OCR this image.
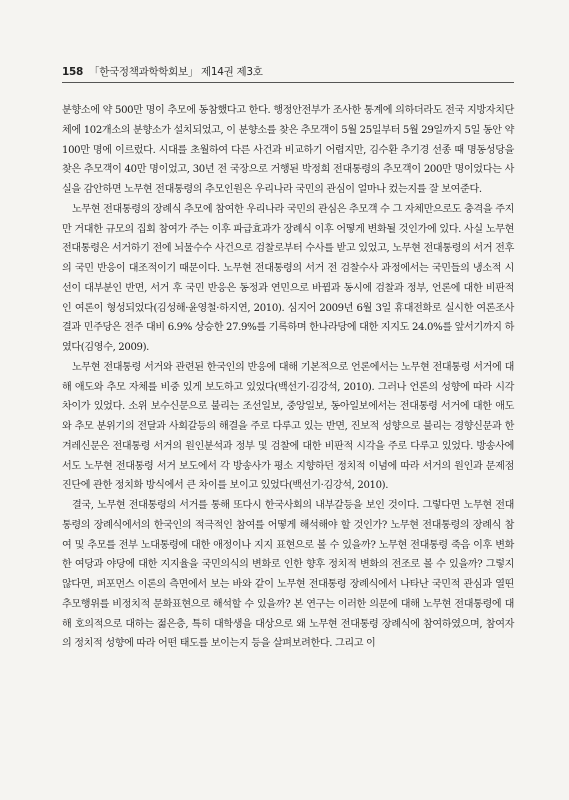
158 「한국정책과학학회보」 제14권 제3호

분향소에 약 500만 명이 추모에 동참했다고 한다. 행정안전부가 조사한 통계에 의하더라도 전국 지방자치단체에 102개소의 분향소가 설치되었고, 이 분향소를 찾은 추모객이 5월 25일부터 5월 29일까지 5일 동안 약 100만 명에 이르렀다. 시대를 초월하여 다른 사건과 비교하기 어렵지만, 김수환 추기경 선종 때 명동성당을 찾은 추모객이 40만 명이었고, 30년 전 국장으로 거행된 박정희 전대통령의 추모객이 200만 명이었다는 사실을 감안하면 노무현 전대통령의 추모인원은 우리나라 국민의 관심이 얼마나 컸는지를 잘 보여준다.

노무현 전대통령의 장례식 추모에 참여한 우리나라 국민의 관심은 추모객 수 그 자체만으로도 충격을 주지만 거대한 규모의 집회 참여가 주는 이후 파급효과가 장례식 이후 어떻게 변화될 것인가에 있다. 사실 노무현 전대통령은 서거하기 전에 뇌물수수 사건으로 검찰로부터 수사를 받고 있었고, 노무현 전대통령의 서거 전후의 국민 반응이 대조적이기 때문이다. 노무현 전대통령의 서거 전 검찰수사 과정에서는 국민들의 냉소적 시선이 대부분인 반면, 서거 후 국민 반응은 동정과 연민으로 바뀜과 동시에 검찰과 정부, 언론에 대한 비판적인 여론이 형성되었다(김성해·윤영철·하지연, 2010). 심지어 2009년 6월 3일 휴대전화로 실시한 여론조사 결과 민주당은 전주 대비 6.9% 상승한 27.9%를 기록하며 한나라당에 대한 지지도 24.0%를 앞서기까지 하였다(김영수, 2009).

노무현 전대통령 서거와 관련된 한국인의 반응에 대해 기본적으로 언론에서는 노무현 전대통령 서거에 대해 애도와 추모 자체를 비중 있게 보도하고 있었다(백선기·김강석, 2010). 그러나 언론의 성향에 따라 시각차이가 있었다. 소위 보수신문으로 불리는 조선일보, 중앙일보, 동아일보에서는 전대통령 서거에 대한 애도와 추모 분위기의 전달과 사회갈등의 해결을 주로 다루고 있는 반면, 진보적 성향으로 불리는 경향신문과 한겨레신문은 전대통령 서거의 원인분석과 정부 및 검찰에 대한 비판적 시각을 주로 다루고 있었다. 방송사에서도 노무현 전대통령 서거 보도에서 각 방송사가 평소 지향하던 정치적 이념에 따라 서거의 원인과 문제점 진단에 관한 정치화 방식에서 큰 차이를 보이고 있었다(백선기·김강석, 2010).

결국, 노무현 전대통령의 서거를 통해 또다시 한국사회의 내부갈등을 보인 것이다. 그렇다면 노무현 전대통령의 장례식에서의 한국인의 적극적인 참여를 어떻게 해석해야 할 것인가? 노무현 전대통령의 장례식 참여 및 추모를 전부 노대통령에 대한 애정이나 지지 표현으로 볼 수 있을까? 노무현 전대통령 죽음 이후 변화한 여당과 야당에 대한 지지율을 국민의식의 변화로 인한 향후 정치적 변화의 전조로 볼 수 있을까? 그렇지 않다면, 퍼포먼스 이론의 측면에서 보는 바와 같이 노무현 전대통령 장례식에서 나타난 국민적 관심과 열띤 추모행위를 비정치적 문화표현으로 해석할 수 있을까? 본 연구는 이러한 의문에 대해 노무현 전대통령에 대해 호의적으로 대하는 젊은층, 특히 대학생을 대상으로 왜 노무현 전대통령 장례식에 참여하였으며, 참여자의 정치적 성향에 따라 어떤 태도를 보이는지 등을 살펴보려한다. 그리고 이
